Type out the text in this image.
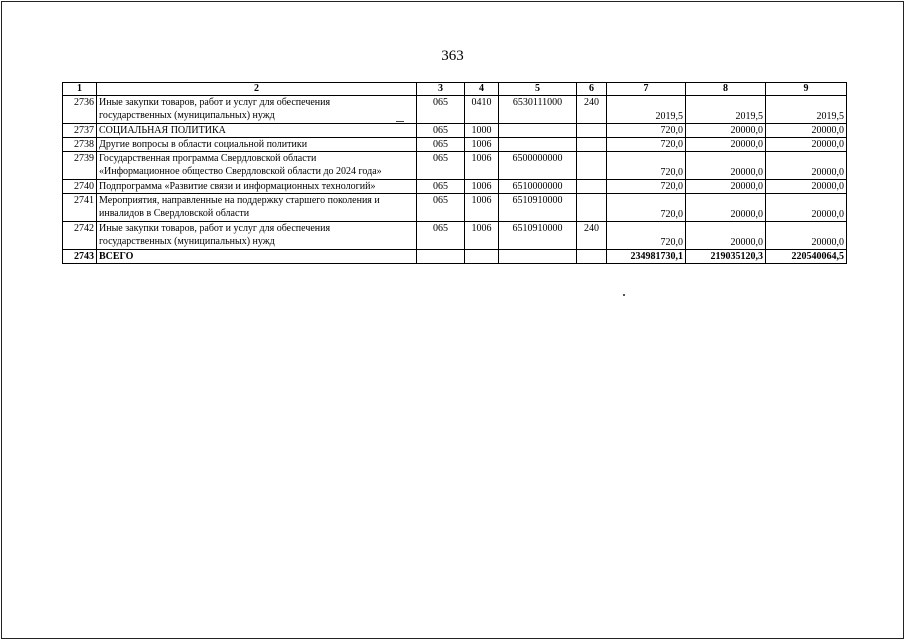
363
1	2	3	4	5	6	7	8	9
2736	Иные закупки товаров, работ и услуг для обеспечения
государственных (муниципальных) нужд	065	0410	6530111000	240	2019,5	2019,5	2019,5
2737	СОЦИАЛЬНАЯ ПОЛИТИКА	065	1000			720,0	20000,0	20000,0
2738	Другие вопросы в области социальной политики	065	1006			720,0	20000,0	20000,0
2739	Государственная программа Свердловской области
«Информационное общество Свердловской области до 2024 года»	065	1006	6500000000		720,0	20000,0	20000,0
2740	Подпрограмма «Развитие связи и информационных технологий»	065	1006	6510000000		720,0	20000,0	20000,0
2741	Мероприятия, направленные на поддержку старшего поколения и
инвалидов в Свердловской области	065	1006	6510910000		720,0	20000,0	20000,0
2742	Иные закупки товаров, работ и услуг для обеспечения
государственных (муниципальных) нужд	065	1006	6510910000	240	720,0	20000,0	20000,0
2743	ВСЕГО					234981730,1	219035120,3	220540064,5
